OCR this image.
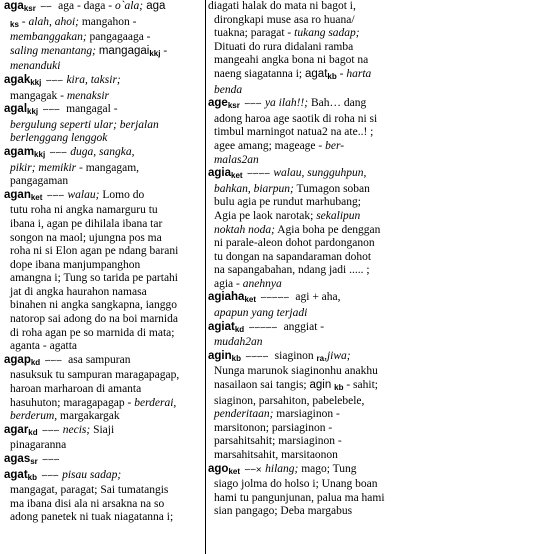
aga$_{ksr}$ ∽∽ aga - daga - o`ala; aga
$_{ks}$ - alah, ahoi; mangahon -
membanggakan; pangagaaga -
saling menantang; mangagai$_{kkj}$ -
menanduki
agak$_{kkj}$ ∽∽∽ kira, taksir;
mangagak - menaksir
agal$_{kkj}$ ∽∽∽ mangagal -
bergulung seperti ular; berjalan
berlenggang lenggok
agam$_{kkj}$ ∽∽∽ duga, sangka,
pikir; memikir - mangagam,
pangagaman
agan$_{ket}$ ∽∽∽ walau; Lomo do
tutu roha ni angka namarguru tu
ibana i, agan pe dihilala ibana tar
songon na maol; ujungna pos ma
roha ni si Elon agan pe ndang barani
dope ibana manjumpanghon
amangna i; Tung so tarida pe partahi
jat di angka haurahon namasa
binahen ni angka sangkapna, ianggo
natorop sai adong do na boi marnida
di roha agan pe so marnida di mata;
aganta - agatta
agap$_{kd}$ ∽∽∽ asa sampuran
nasuksuk tu sampuran maragapagap,
haroan marharoan di amanta
hasuhuton; maragapagap - berderai,
berderum, margakargak
agar$_{kd}$ ∽∽∽ necis; Siaji
pinagaranna
agas$_{sr}$ ∽∽∽
agat$_{kb}$ ∽∽∽ pisau sadap;
mangagat, paragat; Sai tumatangis
ma ibana disi ala ni arsakna na so
adong panetek ni tuak niagatanna i;
diagati halak do mata ni bagot i,
dirongkapi muse asa ro huana/
tuakna; paragat - tukang sadap;
Dituati do rura didalani ramba
mangeahi angka bona ni bagot na
naeng siagatanna i; agat$_{kb}$ - harta
benda
age$_{ksr}$ ∽∽∽ ya ilah!!; Bah… dang
adong haroa age saotik di roha ni si
timbul marningot natua2 na ate..! ;
agee amang; mageage - ber-
malas2an
agia$_{ket}$ ∽∽∽∽ walau, sungguhpun,
bahkan, biarpun; Tumagon soban
bulu agia pe rundut marhubang;
Agia pe laok narotak; sekalipun
noktah noda; Agia boha pe denggan
ni parale-aleon dohot pardonganon
tu dongan na sapandaraman dohot
na sapangabahan, ndang jadi ..... ;
agia - anehnya
agiaha$_{ket}$ ∽∽∽∽∽ agi + aha,
apapun yang terjadi
agiat$_{kd}$ ∽∽∽∽∽ anggiat -
mudah2an
agin$_{kb}$ ∽∽∽∽ siaginon $_{ra}$,jiwa;
Nunga marunok siaginonhu anakhu
nasailaon sai tangis; agin $_{kb}$ - sahit;
siaginon, parsahiton, pabelebele,
penderitaan; marsiaginon -
marsitonon; parsiaginon -
parsahitsahit; marsiaginon -
marsahitsahit, marsitaonon
ago$_{ket}$ ∽∽× hilang; mago; Tung
siago jolma do holso i; Unang boan
hami tu pangunjunan, paluа ma hami
sian pangago; Deba margabus
